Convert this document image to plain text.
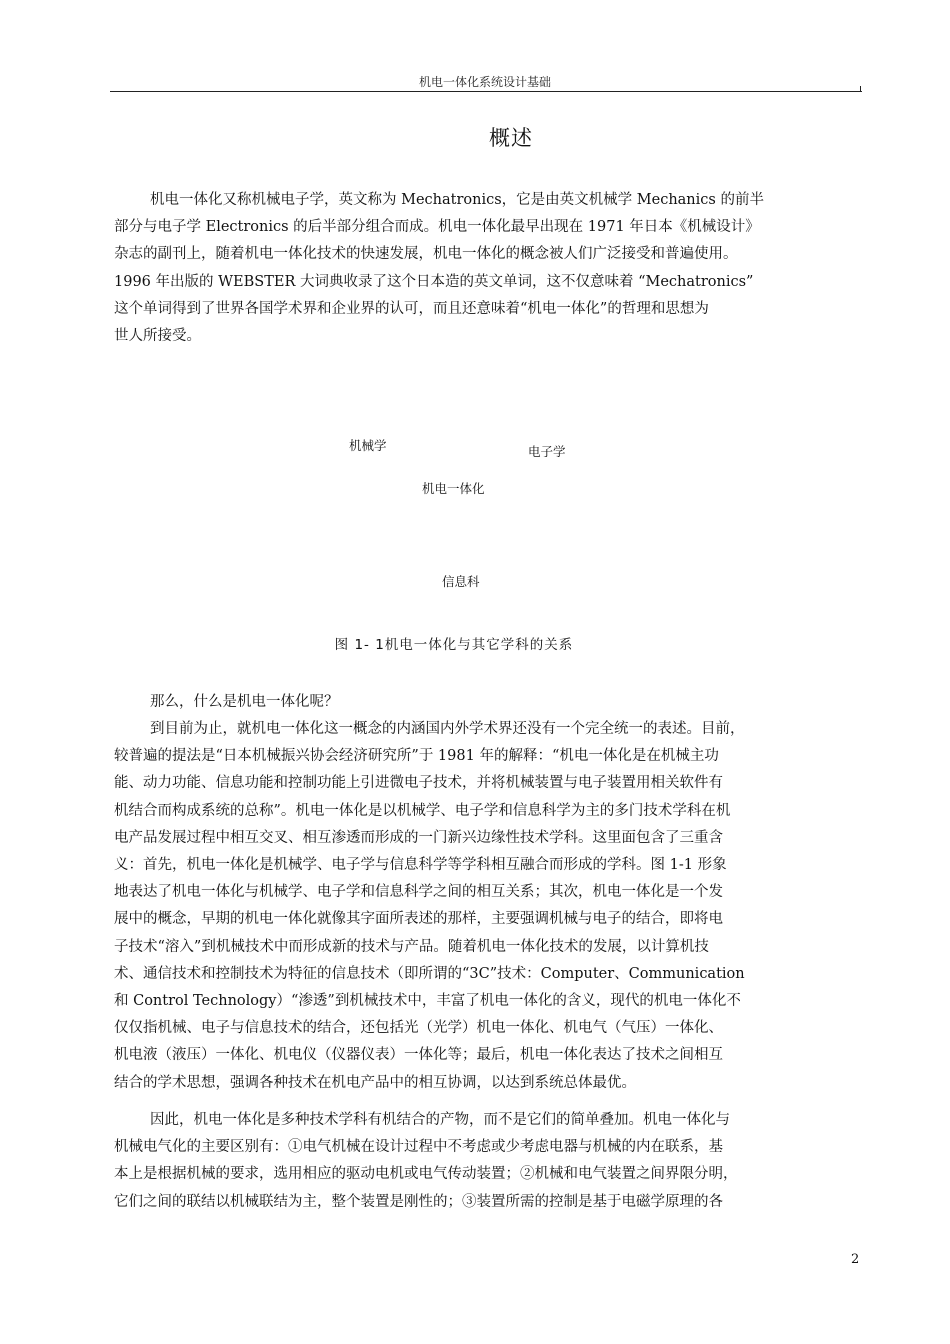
机电一体化系统设计基础
概述

机电一体化又称机械电子学，英文称为 Mechatronics，它是由英文机械学 Mechanics 的前半
部分与电子学 Electronics 的后半部分组合而成。机电一体化最早出现在 1971 年日本《机械设计》
杂志的副刊上，随着机电一体化技术的快速发展，机电一体化的概念被人们广泛接受和普遍使用。
1996 年出版的 WEBSTER 大词典收录了这个日本造的英文单词，这不仅意味着 “Mechatronics”
这个单词得到了世界各国学术界和企业界的认可，而且还意味着“机电一体化”的哲理和思想为
世人所接受。

机械学	电子学
机电一体化
信息科
图 1- 1机电一体化与其它学科的关系

那么，什么是机电一体化呢？

到目前为止，就机电一体化这一概念的内涵国内外学术界还没有一个完全统一的表述。目前，
较普遍的提法是“日本机械振兴协会经济研究所”于 1981 年的解释：“机电一体化是在机械主功
能、动力功能、信息功能和控制功能上引进微电子技术，并将机械装置与电子装置用相关软件有
机结合而构成系统的总称”。机电一体化是以机械学、电子学和信息科学为主的多门技术学科在机
电产品发展过程中相互交叉、相互渗透而形成的一门新兴边缘性技术学科。这里面包含了三重含
义：首先，机电一体化是机械学、电子学与信息科学等学科相互融合而形成的学科。图 1-1 形象
地表达了机电一体化与机械学、电子学和信息科学之间的相互关系；其次，机电一体化是一个发
展中的概念，早期的机电一体化就像其字面所表述的那样，主要强调机械与电子的结合，即将电
子技术“溶入”到机械技术中而形成新的技术与产品。随着机电一体化技术的发展，以计算机技
术、通信技术和控制技术为特征的信息技术（即所谓的“3C”技术：Computer、Communication
和 Control Technology）“渗透”到机械技术中，丰富了机电一体化的含义，现代的机电一体化不
仅仅指机械、电子与信息技术的结合，还包括光（光学）机电一体化、机电气（气压）一体化、
机电液（液压）一体化、机电仪（仪器仪表）一体化等；最后，机电一体化表达了技术之间相互
结合的学术思想，强调各种技术在机电产品中的相互协调，以达到系统总体最优。

因此，机电一体化是多种技术学科有机结合的产物，而不是它们的简单叠加。机电一体化与
机械电气化的主要区别有：①电气机械在设计过程中不考虑或少考虑电器与机械的内在联系，基
本上是根据机械的要求，选用相应的驱动电机或电气传动装置；②机械和电气装置之间界限分明，
它们之间的联结以机械联结为主，整个装置是刚性的；③装置所需的控制是基于电磁学原理的各

2
